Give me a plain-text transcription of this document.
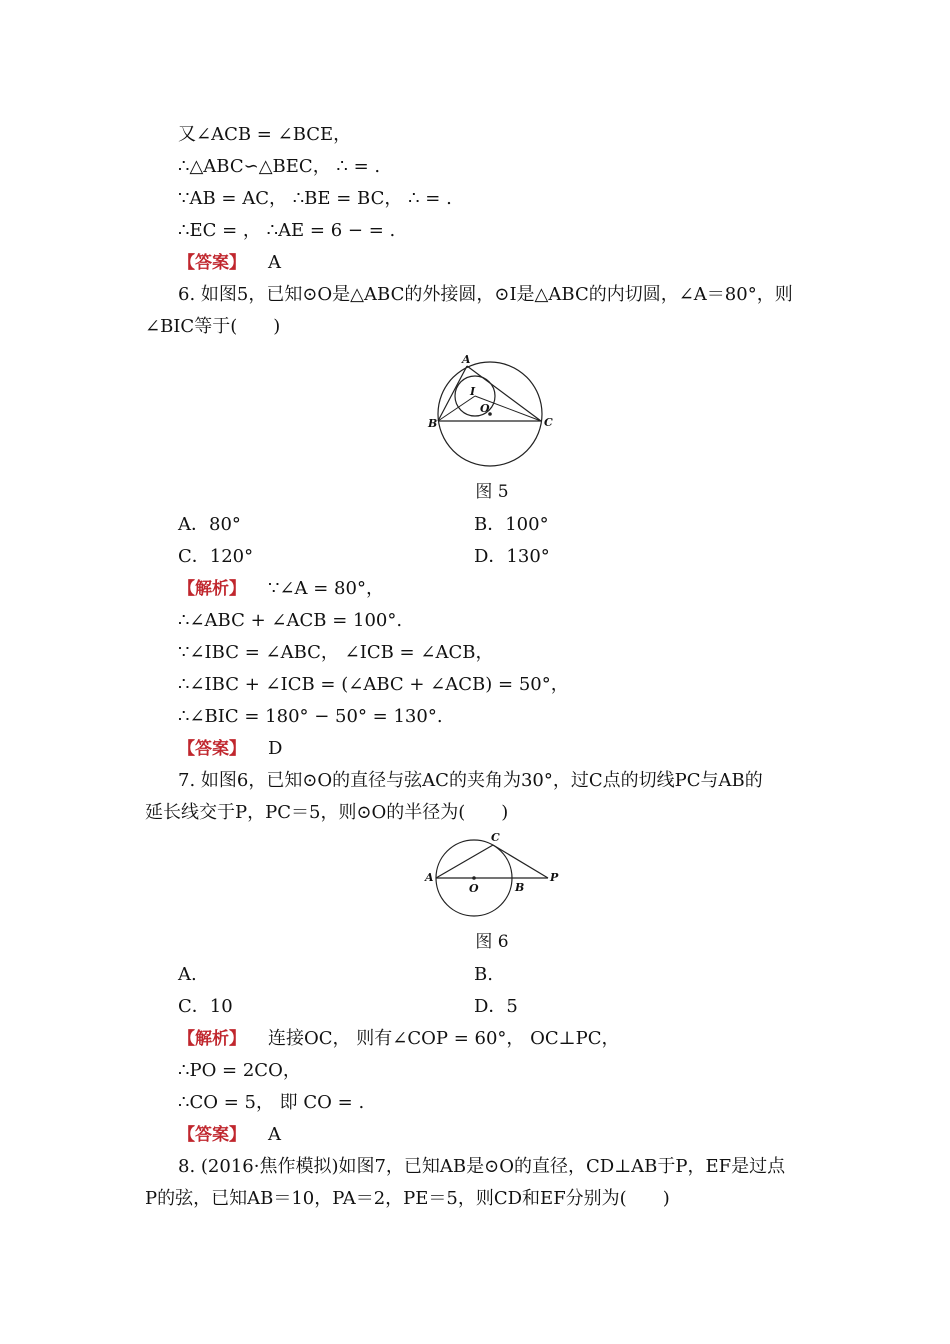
又∠ACB = ∠BCE，
∴△ABC∽△BEC， ∴ = .
∵AB = AC， ∴BE = BC， ∴ = .
∴EC = ， ∴AE = 6 − = .
【答案】 A
6. 如图5，已知⊙O是△ABC的外接圆，⊙I是△ABC的内切圆，∠A＝80°，则
∠BIC等于(　　)
A
B	C
I
O
图 5
A．80°	B．100°
C．120°	D．130°
【解析】 ∵∠A = 80°，
∴∠ABC + ∠ACB = 100°.
∵∠IBC = ∠ABC， ∠ICB = ∠ACB，
∴∠IBC + ∠ICB = (∠ABC + ∠ACB) = 50°，
∴∠BIC = 180° − 50° = 130°.
【答案】 D
7. 如图6，已知⊙O的直径与弦AC的夹角为30°，过C点的切线PC与AB的
延长线交于P，PC＝5，则⊙O的半径为(　　)
A
O	B
C
P
图 6
A.	B.
C．10	D．5
【解析】 连接OC， 则有∠COP = 60°， OC⊥PC，
∴PO = 2CO，
∴CO = 5， 即 CO = .
【答案】 A
8. (2016·焦作模拟)如图7，已知AB是⊙O的直径，CD⊥AB于P，EF是过点
P的弦，已知AB＝10，PA＝2，PE＝5，则CD和EF分别为(　　)
